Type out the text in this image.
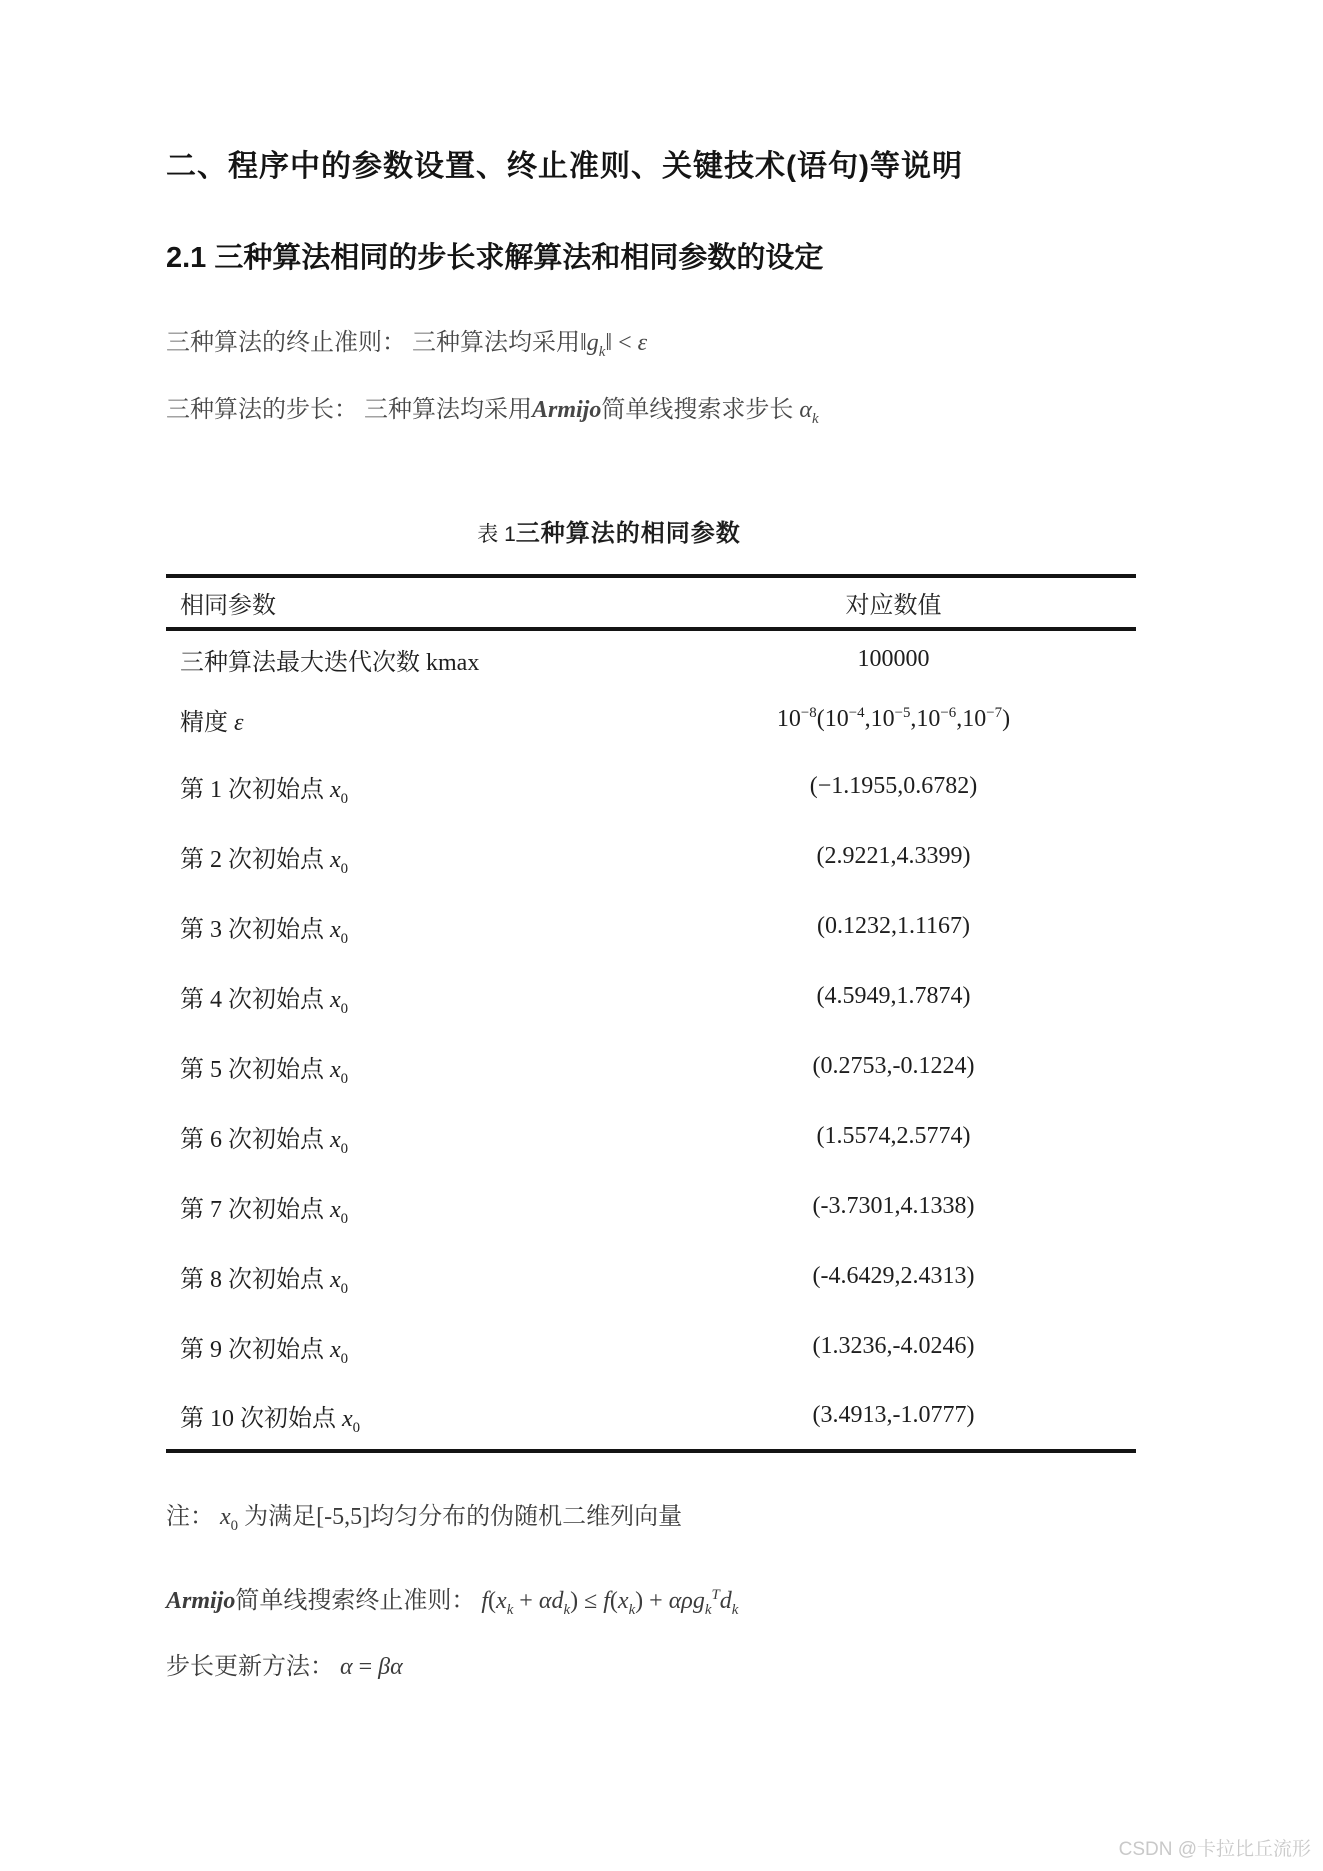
二、程序中的参数设置、终止准则、关键技术(语句)等说明
2.1 三种算法相同的步长求解算法和相同参数的设定
三种算法的终止准则： 三种算法均采用$‖g_k‖ < \varepsilon$
三种算法的步长： 三种算法均采用Armijo简单线搜索求步长 $\alpha_k$
表 1三种算法的相同参数
相同参数	对应数值
三种算法最大迭代次数 kmax	100000
精度 ε	$10^{-8}(10^{-4},10^{-5},10^{-6},10^{-7})$
第 1 次初始点 $x_0$	(−1.1955,0.6782)
第 2 次初始点 $x_0$	(2.9221,4.3399)
第 3 次初始点 $x_0$	(0.1232,1.1167)
第 4 次初始点 $x_0$	(4.5949,1.7874)
第 5 次初始点 $x_0$	(0.2753,-0.1224)
第 6 次初始点 $x_0$	(1.5574,2.5774)
第 7 次初始点 $x_0$	(-3.7301,4.1338)
第 8 次初始点 $x_0$	(-4.6429,2.4313)
第 9 次初始点 $x_0$	(1.3236,-4.0246)
第 10 次初始点 $x_0$	(3.4913,-1.0777)
注： $x_0$ 为满足[-5,5]均匀分布的伪随机二维列向量
Armijo简单线搜索终止准则： $f(x_k + \alpha d_k) \le f(x_k) + \alpha\rho g_k^Td_k$
步长更新方法： α = βα
CSDN @卡拉比丘流形
